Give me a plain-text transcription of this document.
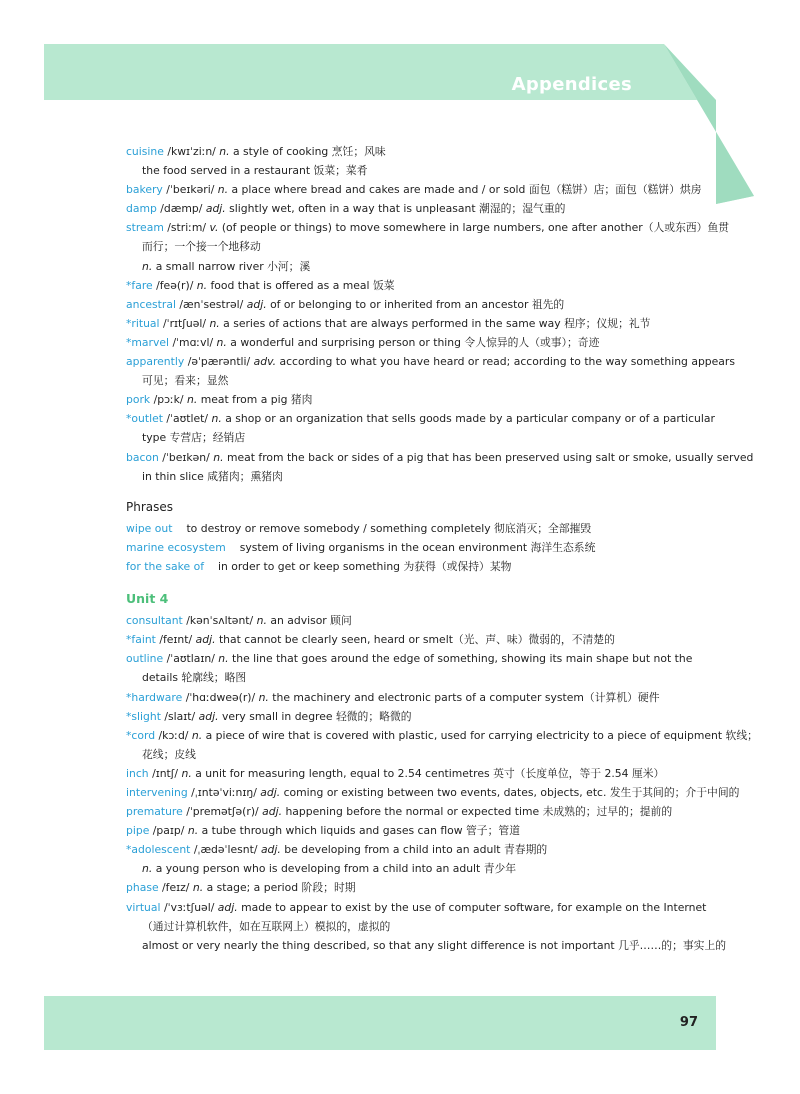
Appendices
97
cuisine /kwɪˈziːn/ n. a style of cooking 烹饪；风味
the food served in a restaurant 饭菜；菜肴
bakery /ˈbeɪkəri/ n. a place where bread and cakes are made and / or sold 面包（糕饼）店；面包（糕饼）烘房
damp /dæmp/ adj. slightly wet, often in a way that is unpleasant 潮湿的；湿气重的
stream /striːm/ v. (of people or things) to move somewhere in large numbers, one after another（人或东西）鱼贯
而行；一个接一个地移动
n. a small narrow river 小河；溪
*fare /feə(r)/ n. food that is offered as a meal 饭菜
ancestral /ænˈsestrəl/ adj. of or belonging to or inherited from an ancestor 祖先的
*ritual /ˈrɪtʃuəl/ n. a series of actions that are always performed in the same way 程序；仪规；礼节
*marvel /ˈmɑːvl/ n. a wonderful and surprising person or thing 令人惊异的人（或事）；奇迹
apparently /əˈpærəntli/ adv. according to what you have heard or read; according to the way something appears
可见；看来；显然
pork /pɔːk/ n. meat from a pig 猪肉
*outlet /ˈaʊtlet/ n. a shop or an organization that sells goods made by a particular company or of a particular
type 专营店；经销店
bacon /ˈbeɪkən/ n. meat from the back or sides of a pig that has been preserved using salt or smoke, usually served
in thin slice 咸猪肉；熏猪肉
Phrases
wipe out to destroy or remove somebody / something completely 彻底消灭；全部摧毁
marine ecosystem system of living organisms in the ocean environment 海洋生态系统
for the sake of in order to get or keep something 为获得（或保持）某物
Unit 4
consultant /kənˈsʌltənt/ n. an advisor 顾问
*faint /feɪnt/ adj. that cannot be clearly seen, heard or smelt（光、声、味）微弱的，不清楚的
outline /ˈaʊtlaɪn/ n. the line that goes around the edge of something, showing its main shape but not the
details 轮廓线；略图
*hardware /ˈhɑːdweə(r)/ n. the machinery and electronic parts of a computer system（计算机）硬件
*slight /slaɪt/ adj. very small in degree 轻微的；略微的
*cord /kɔːd/ n. a piece of wire that is covered with plastic, used for carrying electricity to a piece of equipment 软线；
花线；皮线
inch /ɪntʃ/ n. a unit for measuring length, equal to 2.54 centimetres 英寸（长度单位，等于 2.54 厘米）
intervening /ˌɪntəˈviːnɪŋ/ adj. coming or existing between two events, dates, objects, etc. 发生于其间的；介于中间的
premature /ˈpremətʃə(r)/ adj. happening before the normal or expected time 未成熟的；过早的；提前的
pipe /paɪp/ n. a tube through which liquids and gases can flow 管子；管道
*adolescent /ˌædəˈlesnt/ adj. be developing from a child into an adult 青春期的
n. a young person who is developing from a child into an adult 青少年
phase /feɪz/ n. a stage; a period 阶段；时期
virtual /ˈvɜːtʃuəl/ adj. made to appear to exist by the use of computer software, for example on the Internet
（通过计算机软件，如在互联网上）模拟的，虚拟的
almost or very nearly the thing described, so that any slight difference is not important 几乎……的；事实上的
